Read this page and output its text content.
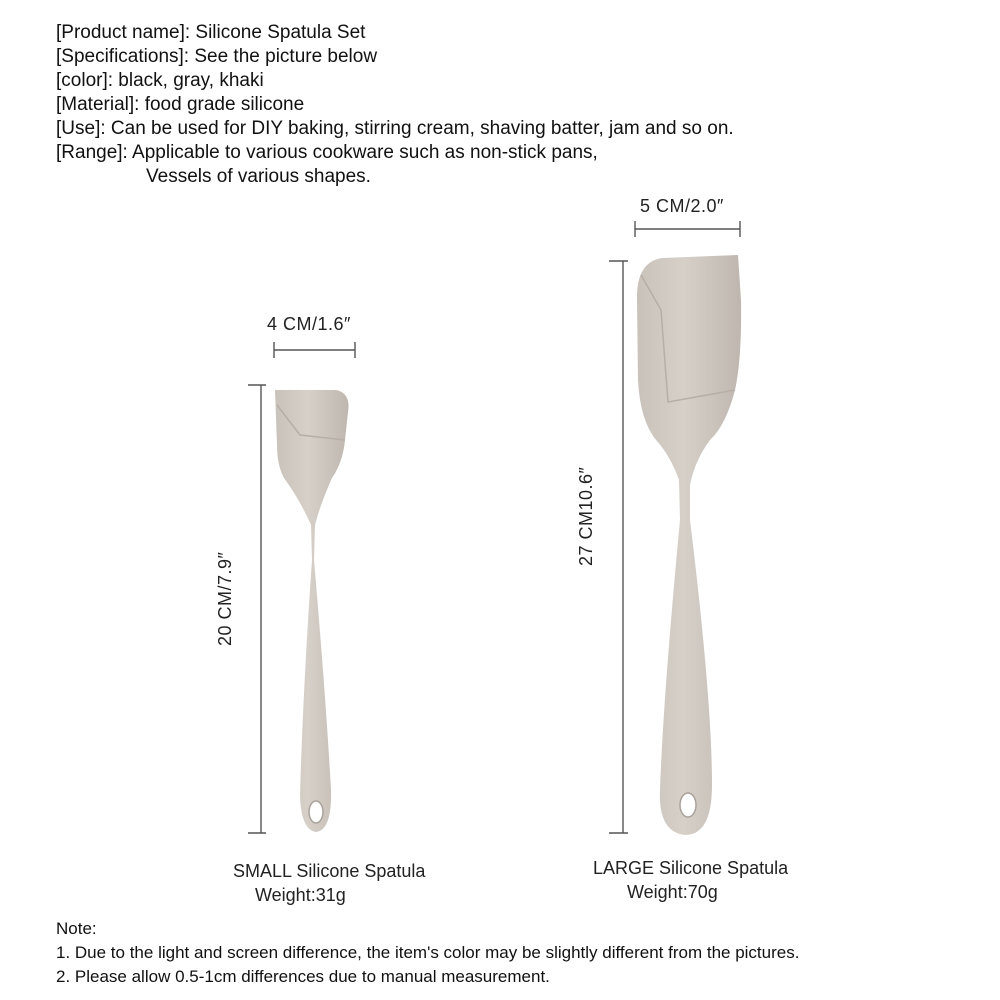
[Product name]: Silicone Spatula Set

[Specifications]: See the picture below

[color]: black, gray, khaki

[Material]: food grade silicone

[Use]: Can be used for DIY baking, stirring cream, shaving batter, jam and so on.

[Range]: Applicable to various cookware such as non-stick pans,

Vessels of various shapes.

4 CM/1.6″
20 CM/7.9″
5 CM/2.0″
27 CM10.6″
SMALL Silicone Spatula
Weight:31g
LARGE Silicone Spatula
Weight:70g

Note:

1. Due to the light and screen difference, the item's color may be slightly different from the pictures.

2. Please allow 0.5-1cm differences due to manual measurement.
